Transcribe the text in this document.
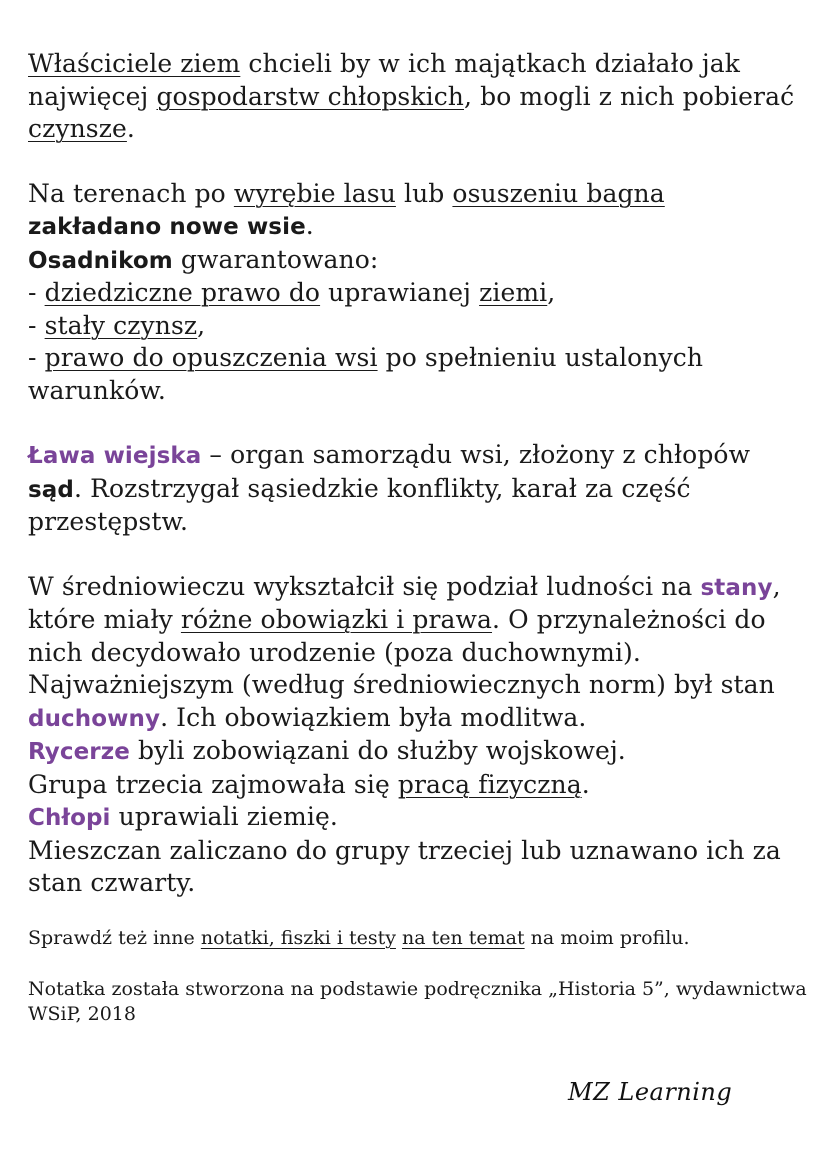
Właściciele ziem chcieli by w ich majątkach działało jak najwięcej gospodarstw chłopskich, bo mogli z nich pobierać czynsze.
Na terenach po wyrębie lasu lub osuszeniu bagna
zakładano nowe wsie.
Osadnikom gwarantowano:
- dziedziczne prawo do uprawianej ziemi,
- stały czynsz,
- prawo do opuszczenia wsi po spełnieniu ustalonych warunków.
Ława wiejska – organ samorządu wsi, złożony z chłopów sąd. Rozstrzygał sąsiedzkie konflikty, karał za część przestępstw.
W średniowieczu wykształcił się podział ludności na stany, które miały różne obowiązki i prawa. O przynależności do nich decydowało urodzenie (poza duchownymi).
Najważniejszym (według średniowiecznych norm) był stan duchowny. Ich obowiązkiem była modlitwa.
Rycerze byli zobowiązani do służby wojskowej.
Grupa trzecia zajmowała się pracą fizyczną.
Chłopi uprawiali ziemię.
Mieszczan zaliczano do grupy trzeciej lub uznawano ich za stan czwarty.
Sprawdź też inne notatki, fiszki i testy na ten temat na moim profilu.
Notatka została stworzona na podstawie podręcznika „Historia 5”, wydawnictwa WSiP, 2018
MZ Learning
